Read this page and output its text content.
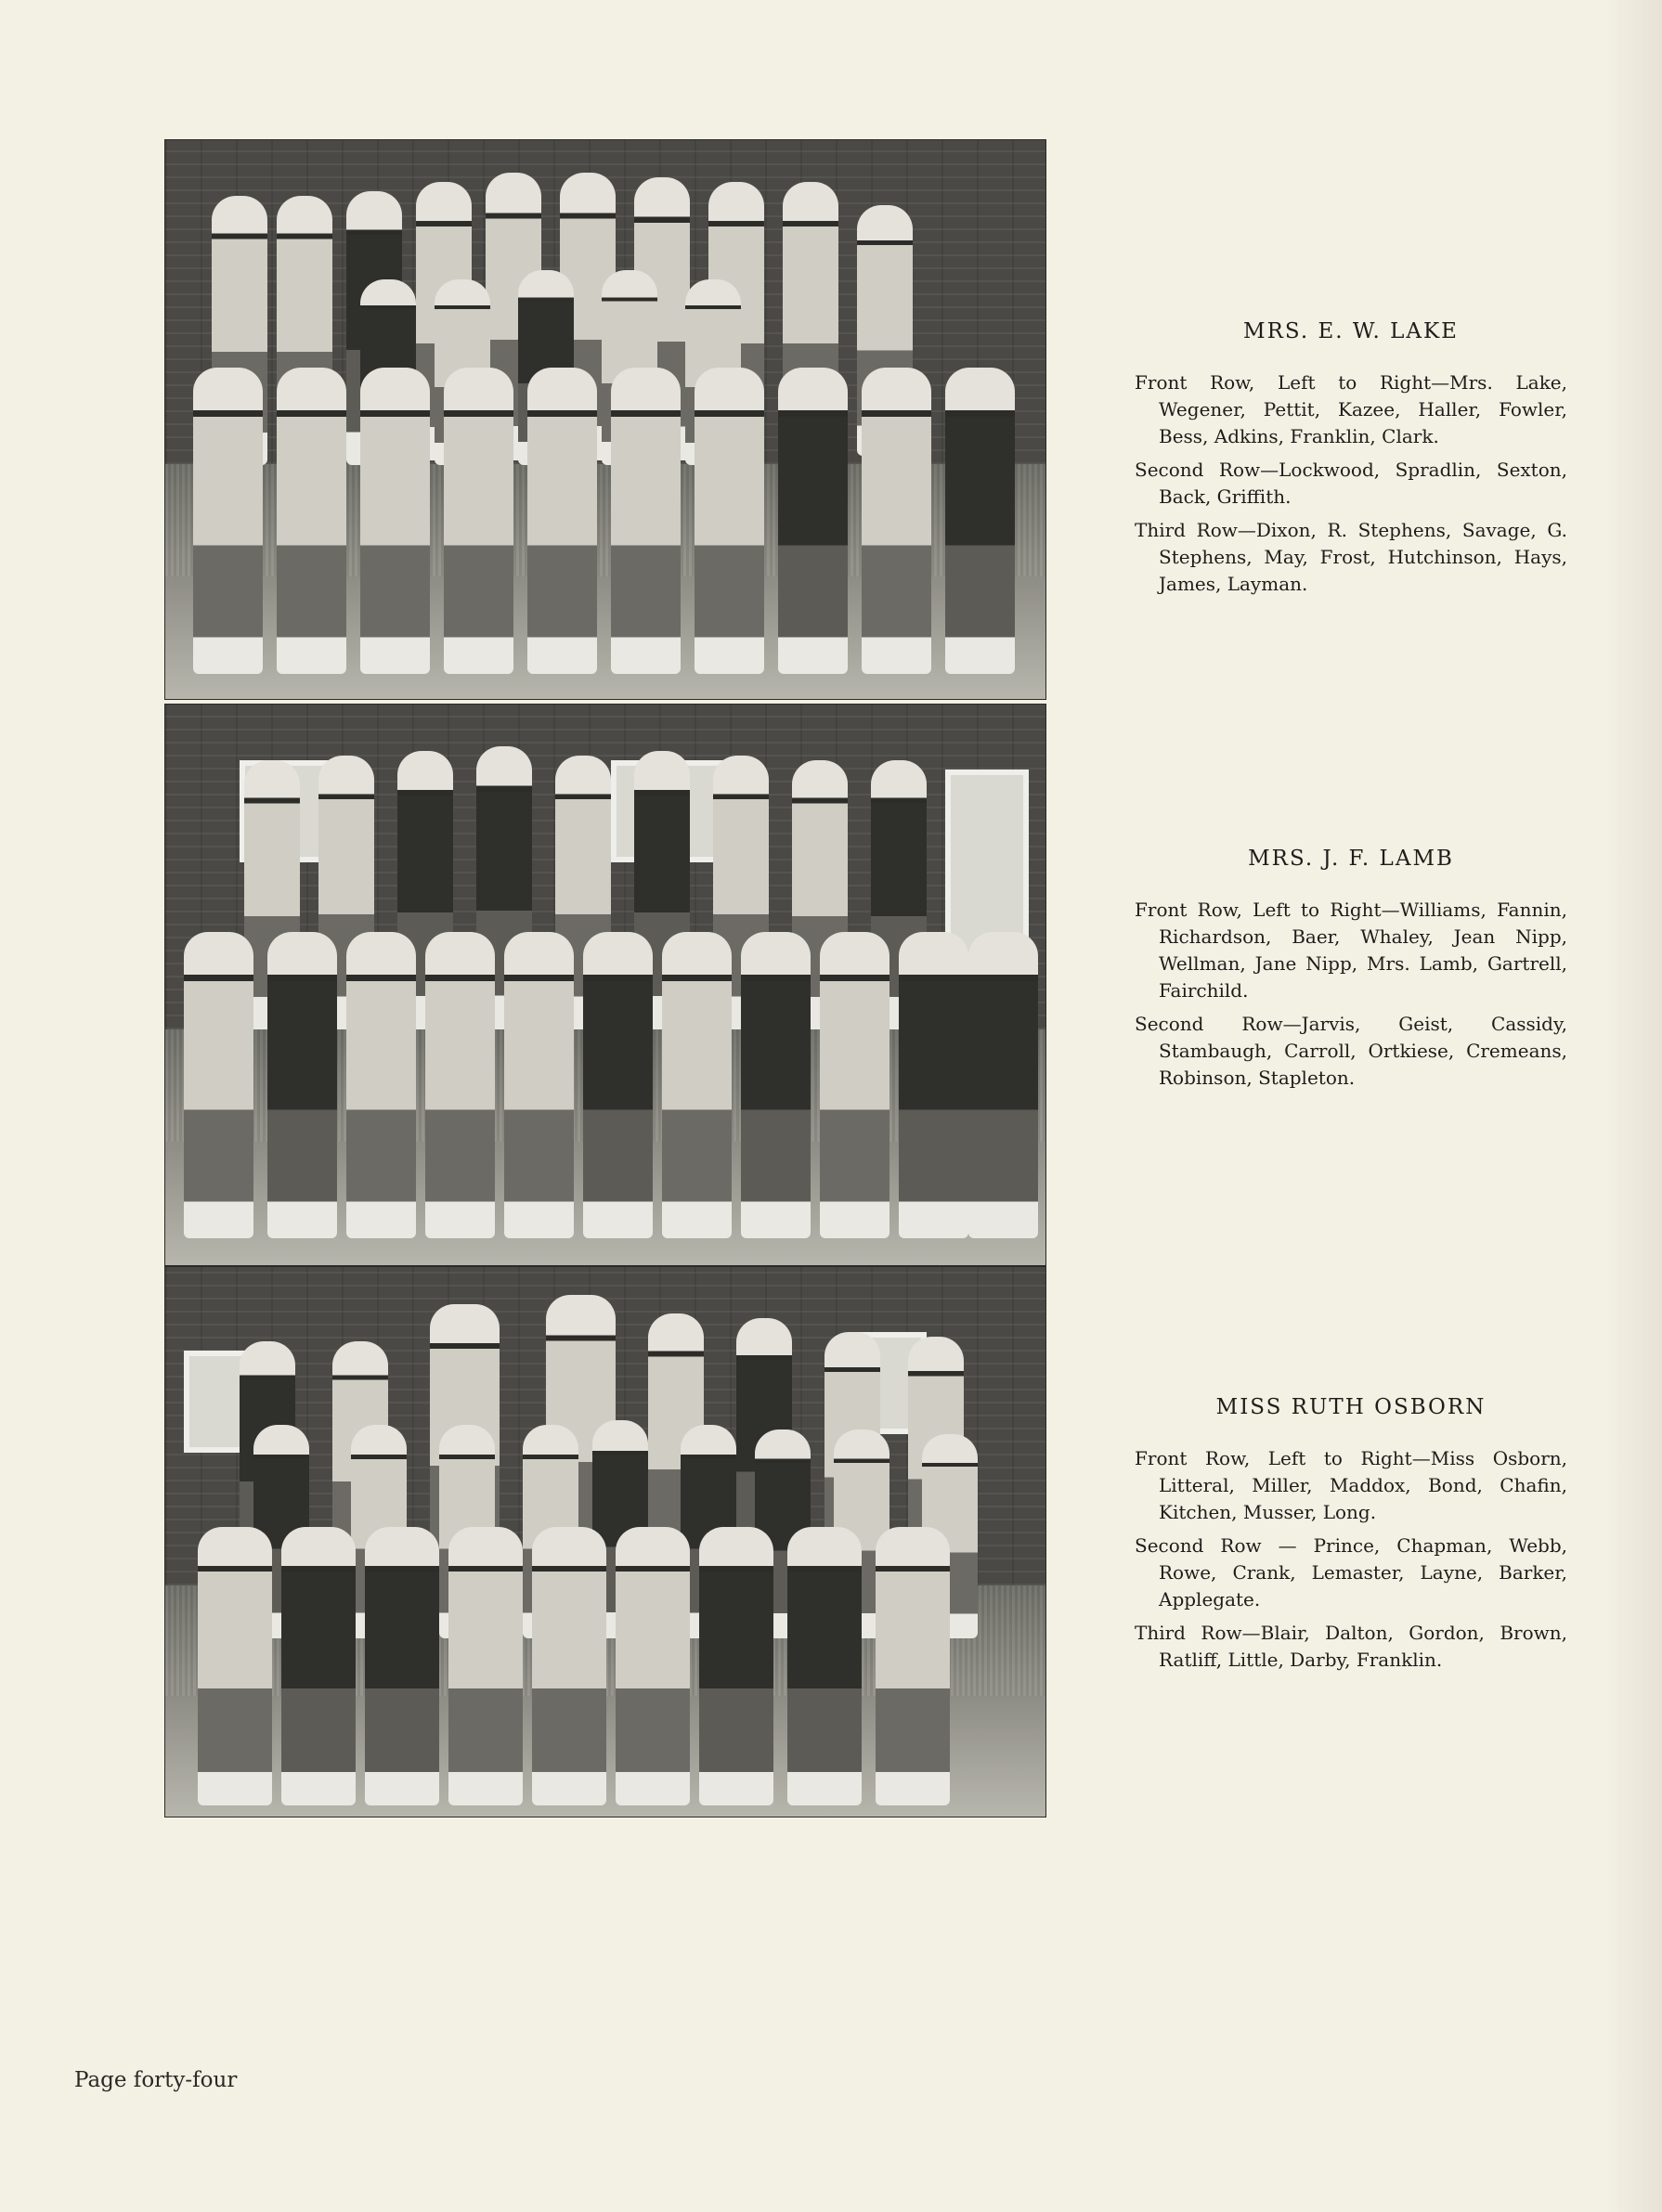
MRS. E. W. LAKE

Front Row, Left to Right—Mrs. Lake, Wegener, Pettit, Kazee, Haller, Fowler, Bess, Adkins, Franklin, Clark.

Second Row—Lockwood, Spradlin, Sexton, Back, Griffith.

Third Row—Dixon, R. Stephens, Savage, G. Stephens, May, Frost, Hutchinson, Hays, James, Layman.

MRS. J. F. LAMB

Front Row, Left to Right—Williams, Fannin, Richardson, Baer, Whaley, Jean Nipp, Wellman, Jane Nipp, Mrs. Lamb, Gartrell, Fairchild.

Second Row—Jarvis, Geist, Cassidy, Stambaugh, Carroll, Ortkiese, Cremeans, Robinson, Stapleton.

MISS RUTH OSBORN

Front Row, Left to Right—Miss Osborn, Litteral, Miller, Maddox, Bond, Chafin, Kitchen, Musser, Long.

Second Row — Prince, Chapman, Webb, Rowe, Crank, Lemaster, Layne, Barker, Applegate.

Third Row—Blair, Dalton, Gordon, Brown, Ratliff, Little, Darby, Franklin.

Page forty-four
